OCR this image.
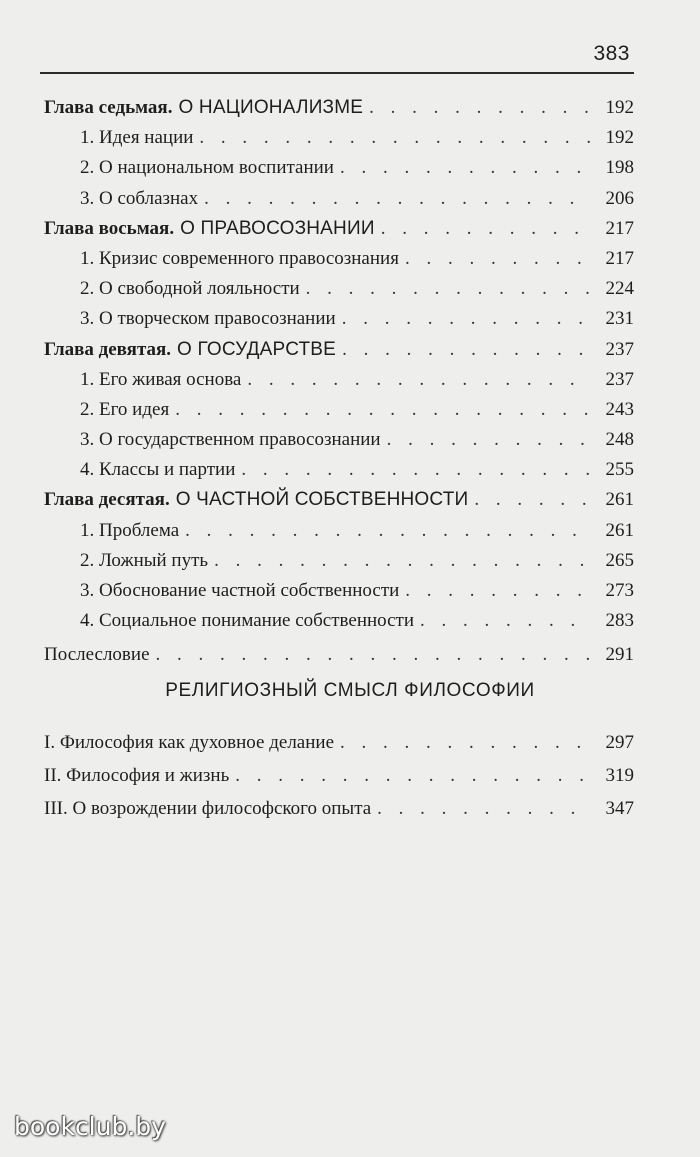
383
Глава седьмая. О НАЦИОНАЛИЗМЕ . . .	192
1. Идея нации . . .	192
2. О национальном воспитании . . .	198
3. О соблазнах . . .	206
Глава восьмая. О ПРАВОСОЗНАНИИ . . .	217
1. Кризис современного правосознания . . .	217
2. О свободной лояльности . . .	224
3. О творческом правосознании . . .	231
Глава девятая. О ГОСУДАРСТВЕ . . .	237
1. Его живая основа . . .	237
2. Его идея . . .	243
3. О государственном правосознании . . .	248
4. Классы и партии . . .	255
Глава десятая. О ЧАСТНОЙ СОБСТВЕННОСТИ . . .	261
1. Проблема . . .	261
2. Ложный путь . . .	265
3. Обоснование частной собственности . . .	273
4. Социальное понимание собственности . . .	283
Послесловие . . .	291
РЕЛИГИОЗНЫЙ СМЫСЛ ФИЛОСОФИИ
I. Философия как духовное делание . . .	297
II. Философия и жизнь . . .	319
III. О возрождении философского опыта . . .	347
bookclub.by
